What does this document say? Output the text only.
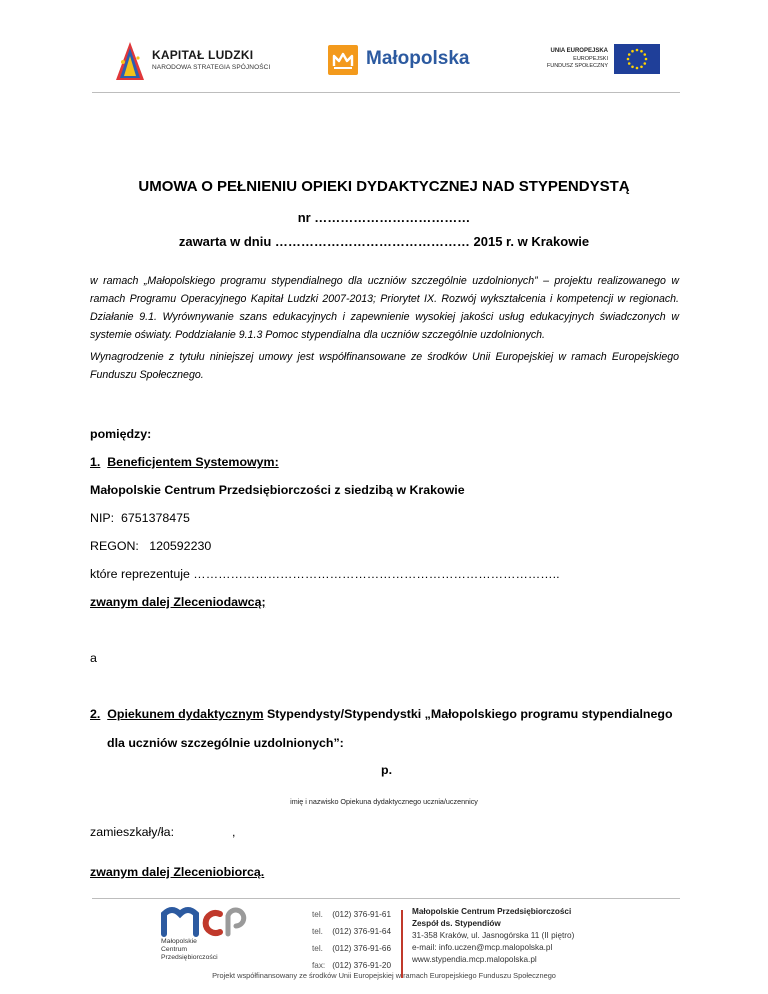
KAPITAŁ LUDZKI
NARODOWA STRATEGIA SPÓJNOŚCI	Małopolska	UNIA EUROPEJSKA
EUROPEJSKI
FUNDUSZ SPOŁECZNY
UMOWA O PEŁNIENIU OPIEKI DYDAKTYCZNEJ NAD STYPENDYSTĄ
nr ………………………………
zawarta w dniu ……………………………………… 2015 r. w Krakowie
w ramach „Małopolskiego programu stypendialnego dla uczniów szczególnie uzdolnionych” – projektu realizowanego w ramach Programu Operacyjnego Kapitał Ludzki 2007-2013; Priorytet IX. Rozwój wykształcenia i kompetencji w regionach. Działanie 9.1. Wyrównywanie szans edukacyjnych i zapewnienie wysokiej jakości usług edukacyjnych świadczonych w systemie oświaty. Poddziałanie 9.1.3 Pomoc stypendialna dla uczniów szczególnie uzdolnionych.
Wynagrodzenie z tytułu niniejszej umowy jest współfinansowane ze środków Unii Europejskiej w ramach Europejskiego Funduszu Społecznego.
pomiędzy:
1. Beneficjentem Systemowym:
Małopolskie Centrum Przedsiębiorczości z siedzibą w Krakowie
NIP: 6751378475
REGON: 120592230
które reprezentuje ……………………………………………………………………………..
zwanym dalej Zleceniodawcą;
a
2. Opiekunem dydaktycznym Stypendysty/Stypendystki „Małopolskiego programu stypendialnego
dla uczniów szczególnie uzdolnionych”:
p.
imię i nazwisko Opiekuna dydaktycznego ucznia/uczennicy
zamieszkały/ła:	,
zwanym dalej Zleceniobiorcą.
Małopolskie
Centrum
Przedsiębiorczości
tel. (012) 376-91-61
tel. (012) 376-91-64
tel. (012) 376-91-66
fax: (012) 376-91-20
Małopolskie Centrum Przedsiębiorczości
Zespół ds. Stypendiów
31-358 Kraków, ul. Jasnogórska 11 (II piętro)
e-mail: info.uczen@mcp.malopolska.pl
www.stypendia.mcp.malopolska.pl
Projekt współfinansowany ze środków Unii Europejskiej w ramach Europejskiego Funduszu Społecznego
